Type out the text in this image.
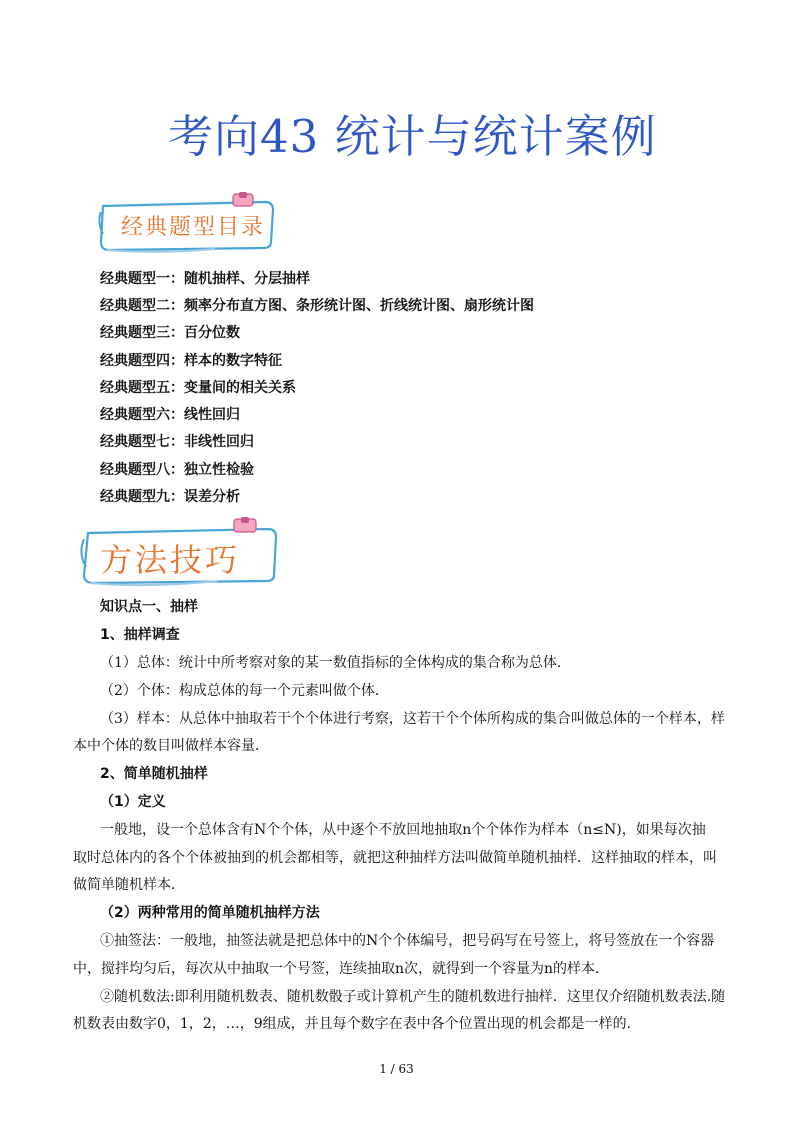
考向43 统计与统计案例
经典题型目录
经典题型一：随机抽样、分层抽样
经典题型二：频率分布直方图、条形统计图、折线统计图、扇形统计图
经典题型三：百分位数
经典题型四：样本的数字特征
经典题型五：变量间的相关关系
经典题型六：线性回归
经典题型七：非线性回归
经典题型八：独立性检验
经典题型九：误差分析
方法技巧
知识点一、抽样
1、抽样调查
（1）总体：统计中所考察对象的某一数值指标的全体构成的集合称为总体．
（2）个体：构成总体的每一个元素叫做个体．
（3）样本：从总体中抽取若干个个体进行考察，这若干个个体所构成的集合叫做总体的一个样本，样
本中个体的数目叫做样本容量．
2、简单随机抽样
（1）定义
一般地，设一个总体含有N个个体，从中逐个不放回地抽取n个个体作为样本（n≤N)，如果每次抽
取时总体内的各个个体被抽到的机会都相等，就把这种抽样方法叫做简单随机抽样．这样抽取的样本，叫
做简单随机样本．
（2）两种常用的简单随机抽样方法
①抽签法：一般地，抽签法就是把总体中的N个个体编号，把号码写在号签上，将号签放在一个容器
中，搅拌均匀后，每次从中抽取一个号签，连续抽取n次，就得到一个容量为n的样本．
②随机数法:即利用随机数表、随机数骰子或计算机产生的随机数进行抽样．这里仅介绍随机数表法.随
机数表由数字0，1，2，…，9组成，并且每个数字在表中各个位置出现的机会都是一样的．
1 / 63
